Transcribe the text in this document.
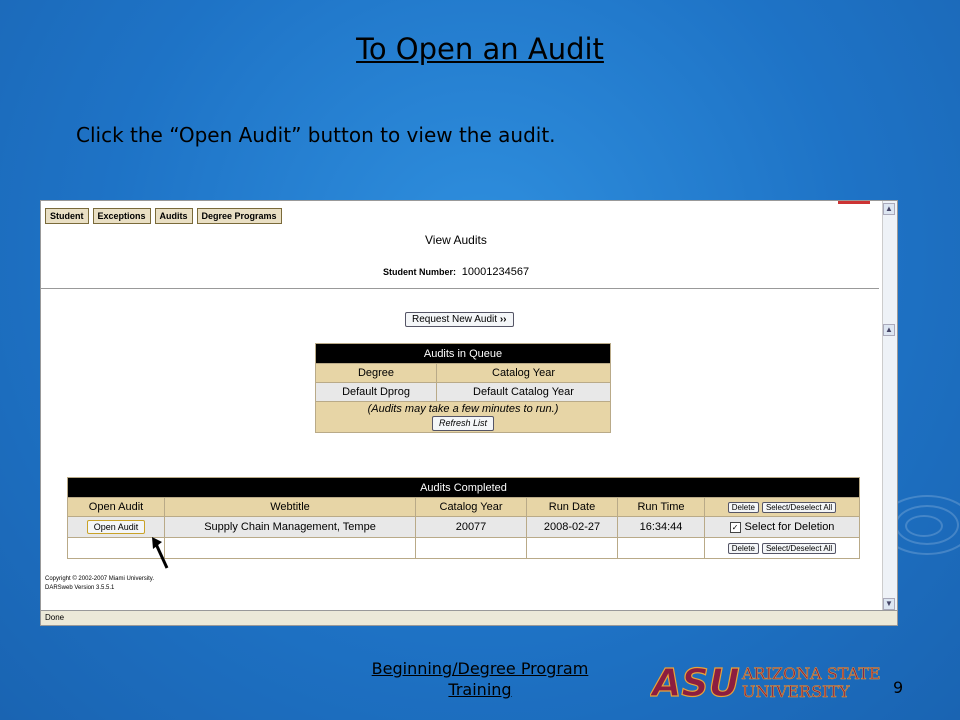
To Open an Audit

Click the “Open Audit” button to view the audit.

Student	Exceptions	Audits	Degree Programs
▲
▲
▼
View Audits
Student Number: 10001234567
Request New Audit ››
Audits in Queue	
Degree	Catalog Year
Default Dprog	Default Catalog Year

(Audits may take a few minutes to run.)
Refresh List	
Audits Completed					
Open Audit	Webtitle	Catalog Year	Run Date	Run Time	Delete Select/Deselect All
Open Audit	Supply Chain Management, Tempe	20077	2008-02-27	16:34:44	✓ Select for Deletion
					Delete Select/Deselect All
Copyright © 2002-2007 Miami University.
DARSweb Version 3.5.5.1
Done
Beginning/Degree Program
Training	ASU ARIZONA STATE
UNIVERSITY	9
